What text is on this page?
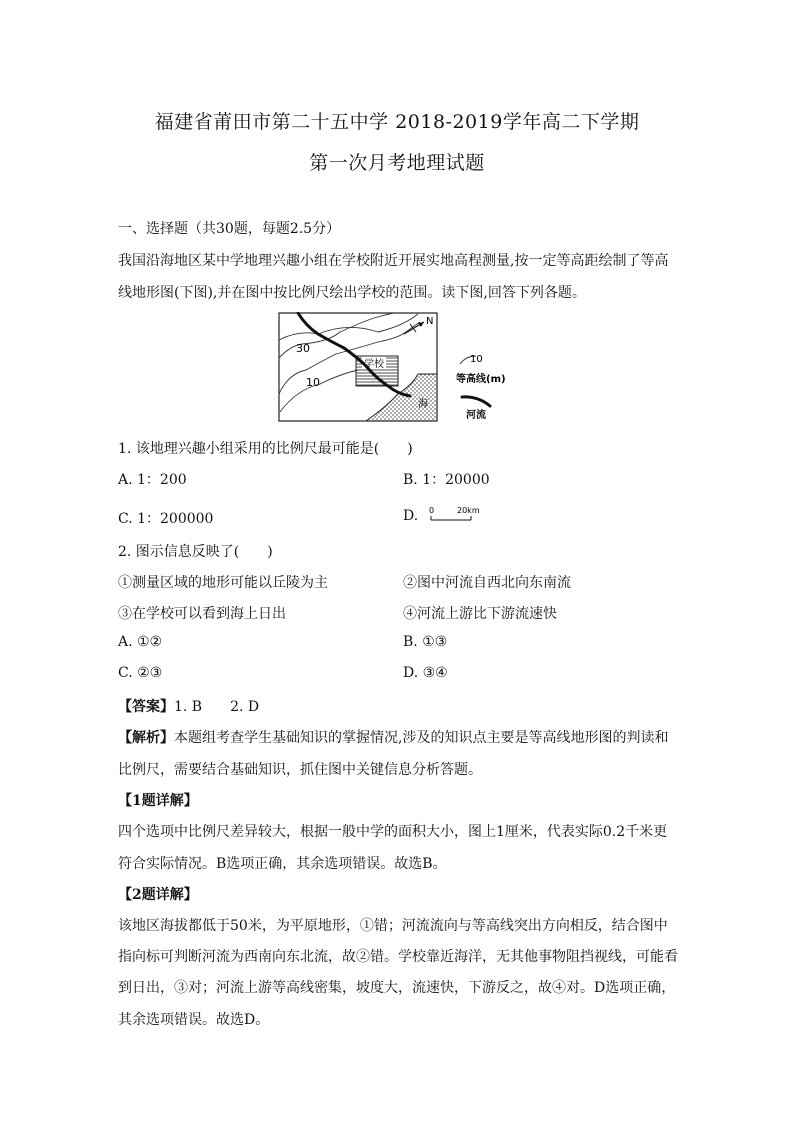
福建省莆田市第二十五中学 2018-2019学年高二下学期
第一次月考地理试题
一、选择题（共30题，每题2.5分）
我国沿海地区某中学地理兴趣小组在学校附近开展实地高程测量,按一定等高距绘制了等高
线地形图(下图),并在图中按比例尺绘出学校的范围。读下图,回答下列各题。
学校
30
10
海
N
10
等高线(m)
河流
1. 该地理兴趣小组采用的比例尺最可能是(　　)
A. 1：200	B. 1：20000
C. 1：200000	D. 0	20km
2. 图示信息反映了(　　)
①测量区域的地形可能以丘陵为主	②图中河流自西北向东南流
③在学校可以看到海上日出	④河流上游比下游流速快
A. ①②	B. ①③
C. ②③	D. ③④
【答案】1. B　　2. D
【解析】本题组考查学生基础知识的掌握情况,涉及的知识点主要是等高线地形图的判读和
比例尺，需要结合基础知识，抓住图中关键信息分析答题。
【1题详解】
四个选项中比例尺差异较大，根据一般中学的面积大小，图上1厘米，代表实际0.2千米更
符合实际情况。B选项正确，其余选项错误。故选B。
【2题详解】
该地区海拔都低于50米，为平原地形，①错；河流流向与等高线突出方向相反，结合图中
指向标可判断河流为西南向东北流，故②错。学校靠近海洋，无其他事物阻挡视线，可能看
到日出，③对；河流上游等高线密集，坡度大，流速快，下游反之，故④对。D选项正确，
其余选项错误。故选D。
